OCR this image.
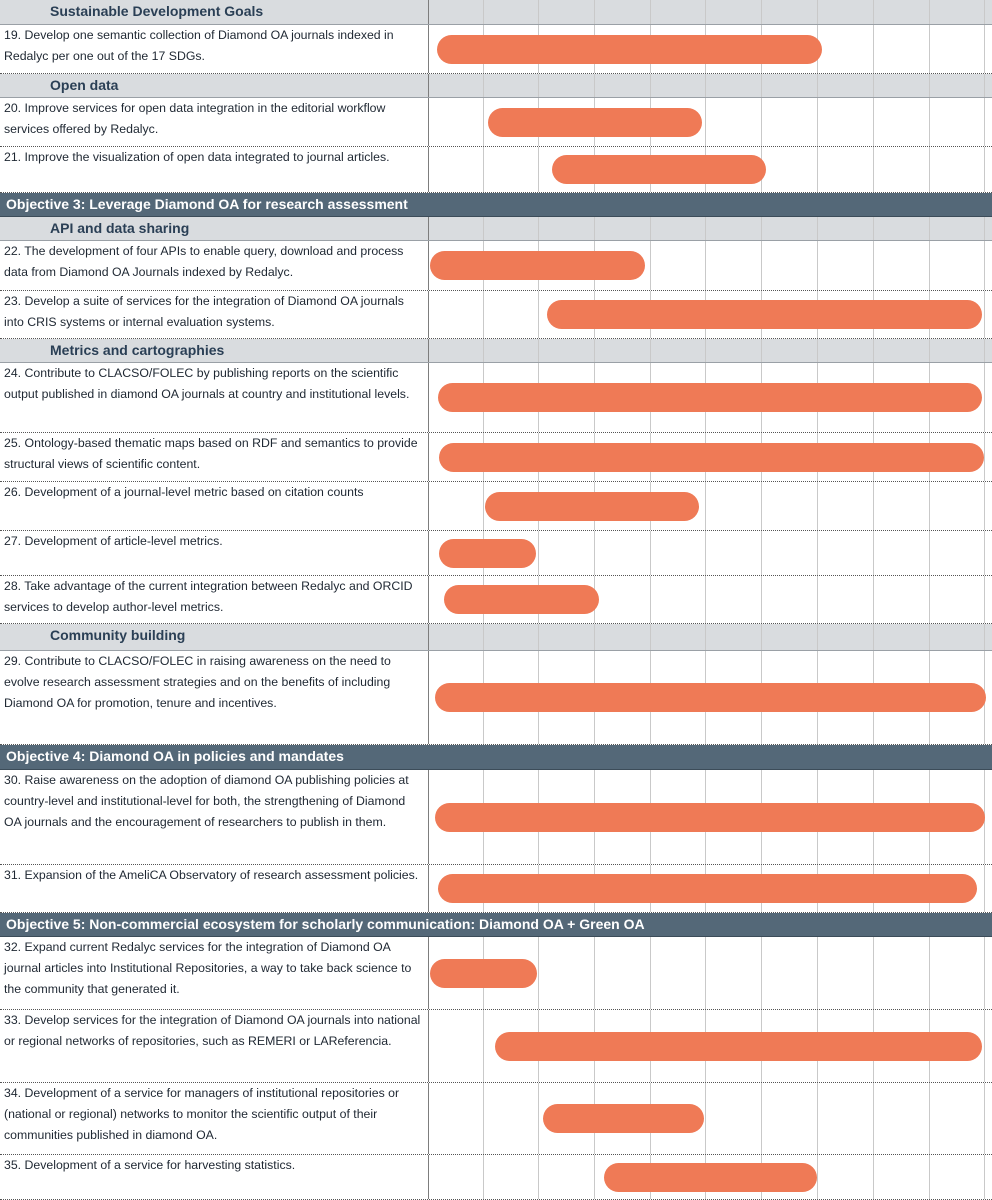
Sustainable Development Goals
19. Develop one semantic collection of Diamond OA journals indexed in Redalyc per one out of the 17 SDGs.
Open data
20. Improve services for open data integration in the editorial workflow services offered by Redalyc.
21. Improve the visualization of open data integrated to journal articles.
Objective 3: Leverage Diamond OA for research assessment
API and data sharing
22. The development of four APIs to enable query, download and process data from Diamond OA Journals indexed by Redalyc.
23. Develop a suite of services for the integration of Diamond OA journals into CRIS systems or internal evaluation systems.
Metrics and cartographies
24. Contribute to CLACSO/FOLEC by publishing reports on the scientific output published in diamond OA journals at country and institutional levels.
25. Ontology-based thematic maps based on RDF and semantics to provide structural views of scientific content.
26. Development of a journal-level metric based on citation counts
27. Development of article-level metrics.
28. Take advantage of the current integration between Redalyc and ORCID services to develop author-level metrics.
Community building
29. Contribute to CLACSO/FOLEC in raising awareness on the need to evolve research assessment strategies and on the benefits of including Diamond OA for promotion, tenure and incentives.
Objective 4: Diamond OA in policies and mandates
30. Raise awareness on the adoption of diamond OA publishing policies at country-level and institutional-level for both, the strengthening of Diamond OA journals and the encouragement of researchers to publish in them.
31. Expansion of the AmeliCA Observatory of research assessment policies.
Objective 5: Non-commercial ecosystem for scholarly communication: Diamond OA + Green OA
32. Expand current Redalyc services for the integration of Diamond OA journal articles into Institutional Repositories, a way to take back science to the community that generated it.
33. Develop services for the integration of Diamond OA journals into national or regional networks of repositories, such as REMERI or LAReferencia.
34. Development of a service for managers of institutional repositories or (national or regional) networks to monitor the scientific output of their communities published in diamond OA.
35. Development of a service for harvesting statistics.
